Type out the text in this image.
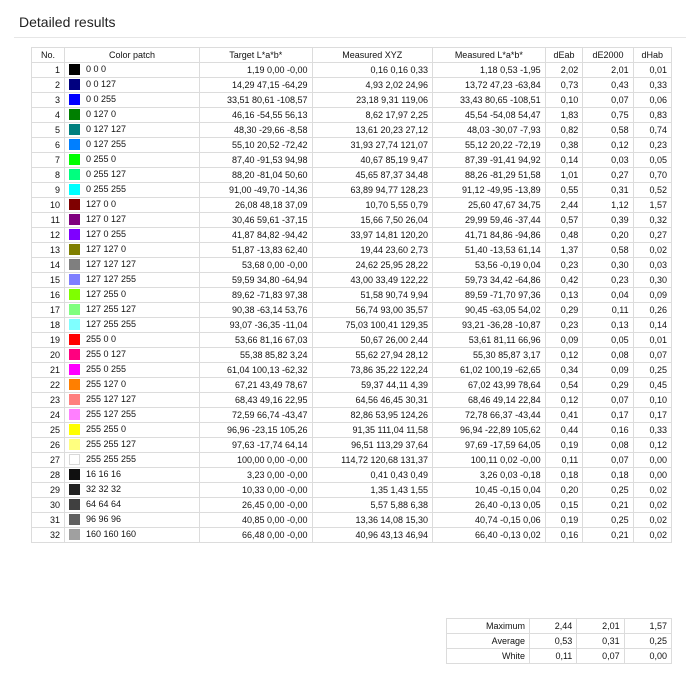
Detailed results
No.	Color patch	Target L*a*b*	Measured XYZ	Measured L*a*b*	dEab	dE2000	dHab
1	0 0 0	1,19 0,00 -0,00	0,16 0,16 0,33	1,18 0,53 -1,95	2,02	2,01	0,01
2	0 0 127	14,29 47,15 -64,29	4,93 2,02 24,96	13,72 47,23 -63,84	0,73	0,43	0,33
3	0 0 255	33,51 80,61 -108,57	23,18 9,31 119,06	33,43 80,65 -108,51	0,10	0,07	0,06
4	0 127 0	46,16 -54,55 56,13	8,62 17,97 2,25	45,54 -54,08 54,47	1,83	0,75	0,83
5	0 127 127	48,30 -29,66 -8,58	13,61 20,23 27,12	48,03 -30,07 -7,93	0,82	0,58	0,74
6	0 127 255	55,10 20,52 -72,42	31,93 27,74 121,07	55,12 20,22 -72,19	0,38	0,12	0,23
7	0 255 0	87,40 -91,53 94,98	40,67 85,19 9,47	87,39 -91,41 94,92	0,14	0,03	0,05
8	0 255 127	88,20 -81,04 50,60	45,65 87,37 34,48	88,26 -81,29 51,58	1,01	0,27	0,70
9	0 255 255	91,00 -49,70 -14,36	63,89 94,77 128,23	91,12 -49,95 -13,89	0,55	0,31	0,52
10	127 0 0	26,08 48,18 37,09	10,70 5,55 0,79	25,60 47,67 34,75	2,44	1,12	1,57
11	127 0 127	30,46 59,61 -37,15	15,66 7,50 26,04	29,99 59,46 -37,44	0,57	0,39	0,32
12	127 0 255	41,87 84,82 -94,42	33,97 14,81 120,20	41,71 84,86 -94,86	0,48	0,20	0,27
13	127 127 0	51,87 -13,83 62,40	19,44 23,60 2,73	51,40 -13,53 61,14	1,37	0,58	0,02
14	127 127 127	53,68 0,00 -0,00	24,62 25,95 28,22	53,56 -0,19 0,04	0,23	0,30	0,03
15	127 127 255	59,59 34,80 -64,94	43,00 33,49 122,22	59,73 34,42 -64,86	0,42	0,23	0,30
16	127 255 0	89,62 -71,83 97,38	51,58 90,74 9,94	89,59 -71,70 97,36	0,13	0,04	0,09
17	127 255 127	90,38 -63,14 53,76	56,74 93,00 35,57	90,45 -63,05 54,02	0,29	0,11	0,26
18	127 255 255	93,07 -36,35 -11,04	75,03 100,41 129,35	93,21 -36,28 -10,87	0,23	0,13	0,14
19	255 0 0	53,66 81,16 67,03	50,67 26,00 2,44	53,61 81,11 66,96	0,09	0,05	0,01
20	255 0 127	55,38 85,82 3,24	55,62 27,94 28,12	55,30 85,87 3,17	0,12	0,08	0,07
21	255 0 255	61,04 100,13 -62,32	73,86 35,22 122,24	61,02 100,19 -62,65	0,34	0,09	0,25
22	255 127 0	67,21 43,49 78,67	59,37 44,11 4,39	67,02 43,99 78,64	0,54	0,29	0,45
23	255 127 127	68,43 49,16 22,95	64,56 46,45 30,31	68,46 49,14 22,84	0,12	0,07	0,10
24	255 127 255	72,59 66,74 -43,47	82,86 53,95 124,26	72,78 66,37 -43,44	0,41	0,17	0,17
25	255 255 0	96,96 -23,15 105,26	91,35 111,04 11,58	96,94 -22,89 105,62	0,44	0,16	0,33
26	255 255 127	97,63 -17,74 64,14	96,51 113,29 37,64	97,69 -17,59 64,05	0,19	0,08	0,12
27	255 255 255	100,00 0,00 -0,00	114,72 120,68 131,37	100,11 0,02 -0,00	0,11	0,07	0,00
28	16 16 16	3,23 0,00 -0,00	0,41 0,43 0,49	3,26 0,03 -0,18	0,18	0,18	0,00
29	32 32 32	10,33 0,00 -0,00	1,35 1,43 1,55	10,45 -0,15 0,04	0,20	0,25	0,02
30	64 64 64	26,45 0,00 -0,00	5,57 5,88 6,38	26,40 -0,13 0,05	0,15	0,21	0,02
31	96 96 96	40,85 0,00 -0,00	13,36 14,08 15,30	40,74 -0,15 0,06	0,19	0,25	0,02
32	160 160 160	66,48 0,00 -0,00	40,96 43,13 46,94	66,40 -0,13 0,02	0,16	0,21	0,02
Maximum	2,44	2,01	1,57
Average	0,53	0,31	0,25
White	0,11	0,07	0,00
